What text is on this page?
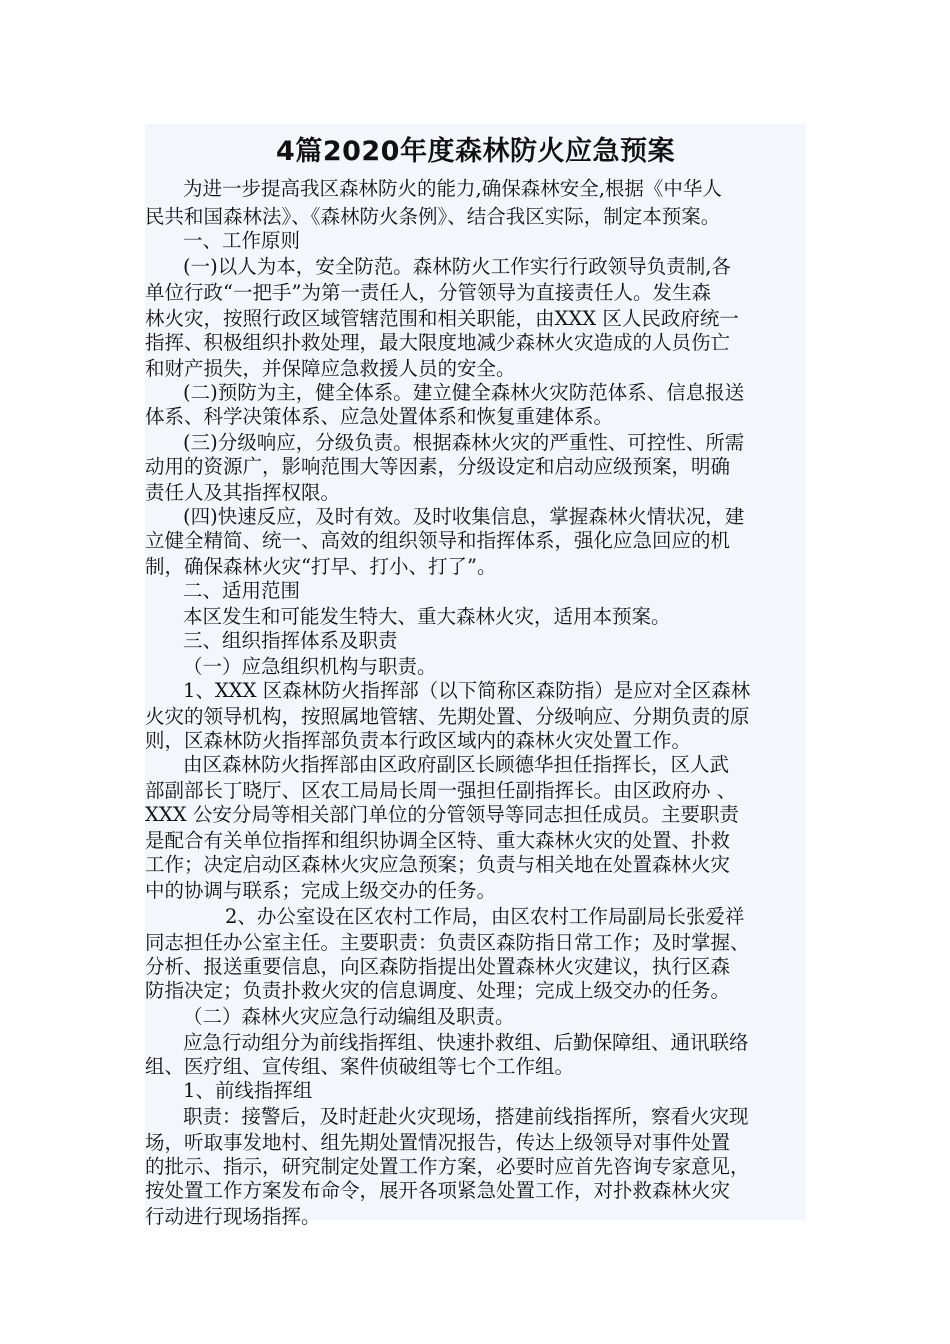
4篇2020年度森林防火应急预案
为进一步提高我区森林防火的能力,确保森林安全,根据《中华人
民共和国森林法》、《森林防火条例》、结合我区实际，制定本预案。
一、工作原则
(一)以人为本，安全防范。森林防火工作实行行政领导负责制,各
单位行政“一把手”为第一责任人，分管领导为直接责任人。发生森
林火灾，按照行政区域管辖范围和相关职能，由XXX 区人民政府统一
指挥、积极组织扑救处理，最大限度地减少森林火灾造成的人员伤亡
和财产损失，并保障应急救援人员的安全。
(二)预防为主，健全体系。建立健全森林火灾防范体系、信息报送
体系、科学决策体系、应急处置体系和恢复重建体系。
(三)分级响应，分级负责。根据森林火灾的严重性、可控性、所需
动用的资源广，影响范围大等因素，分级设定和启动应级预案，明确
责任人及其指挥权限。
(四)快速反应，及时有效。及时收集信息，掌握森林火情状况，建
立健全精简、统一、高效的组织领导和指挥体系，强化应急回应的机
制，确保森林火灾“打早、打小、打了”。
二、适用范围
本区发生和可能发生特大、重大森林火灾，适用本预案。
三、组织指挥体系及职责
（一）应急组织机构与职责。
1、XXX 区森林防火指挥部（以下简称区森防指）是应对全区森林
火灾的领导机构，按照属地管辖、先期处置、分级响应、分期负责的原
则，区森林防火指挥部负责本行政区域内的森林火灾处置工作。
由区森林防火指挥部由区政府副区长顾德华担任指挥长，区人武
部副部长丁晓厅、区农工局局长周一强担任副指挥长。由区政府办 、
XXX 公安分局等相关部门单位的分管领导等同志担任成员。主要职责
是配合有关单位指挥和组织协调全区特、重大森林火灾的处置、扑救
工作；决定启动区森林火灾应急预案；负责与相关地在处置森林火灾
中的协调与联系；完成上级交办的任务。
2、办公室设在区农村工作局，由区农村工作局副局长张爱祥
同志担任办公室主任。主要职责：负责区森防指日常工作；及时掌握、
分析、报送重要信息，向区森防指提出处置森林火灾建议，执行区森
防指决定；负责扑救火灾的信息调度、处理；完成上级交办的任务。
（二）森林火灾应急行动编组及职责。
应急行动组分为前线指挥组、快速扑救组、后勤保障组、通讯联络
组、医疗组、宣传组、案件侦破组等七个工作组。
1、前线指挥组
职责：接警后，及时赶赴火灾现场，搭建前线指挥所，察看火灾现
场，听取事发地村、组先期处置情况报告，传达上级领导对事件处置
的批示、指示，研究制定处置工作方案，必要时应首先咨询专家意见，
按处置工作方案发布命令，展开各项紧急处置工作，对扑救森林火灾
行动进行现场指挥。
